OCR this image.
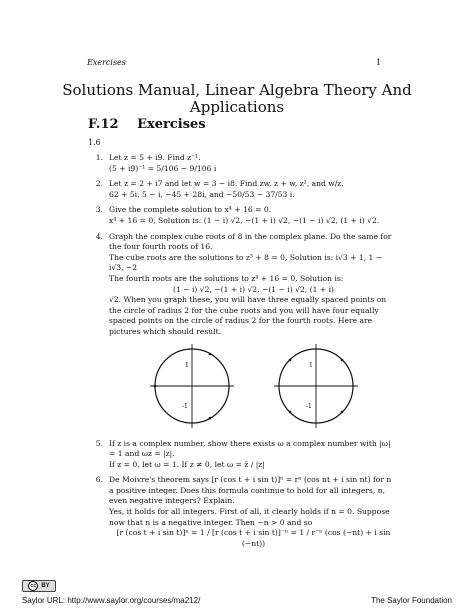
Exercises	1
Solutions Manual, Linear Algebra Theory And Applications
F.12 Exercises
1.6
1. Let z = 5 + i9. Find z⁻¹.

(5 + i9)⁻¹ = 5/106 − 9/106 i

2. Let z = 2 + i7 and let w = 3 − i8. Find zw, z + w, z², and w/z.

62 + 5i, 5 − i, −45 + 28i, and −50/53 − 37/53 i.

3. Give the complete solution to x⁴ + 16 = 0.

x⁴ + 16 = 0, Solution is: (1 − i) √2, −(1 + i) √2, −(1 − i) √2, (1 + i) √2.

4. Graph the complex cube roots of 8 in the complex plane. Do the same for the four fourth roots of 16.

The cube roots are the solutions to z³ + 8 = 0, Solution is: i√3 + 1, 1 − i√3, −2

The fourth roots are the solutions to z⁴ + 16 = 0, Solution is:

(1 − i) √2, −(1 + i) √2, −(1 − i) √2, (1 + i)

√2. When you graph these, you will have three equally spaced points on the circle of radius 2 for the cube roots and you will have four equally spaced points on the circle of radius 2 for the fourth roots. Here are pictures which should result.

1
-1
1
-1
5. If z is a complex number, show there exists ω a complex number with |ω| = 1 and ωz = |z|.

If z = 0, let ω = 1. If z ≠ 0, let ω = z̄ / |z|

6. De Moivre's theorem says [r (cos t + i sin t)]ⁿ = rⁿ (cos nt + i sin nt) for n a positive integer. Does this formula continue to hold for all integers, n, even negative integers? Explain.

Yes, it holds for all integers. First of all, it clearly holds if n = 0. Suppose now that n is a negative integer. Then −n > 0 and so

[r (cos t + i sin t)]ⁿ = 1 / [r (cos t + i sin t)]⁻ⁿ = 1 / r⁻ⁿ (cos (−nt) + i sin (−nt))

cc BY
Saylor URL: http://www.saylor.org/courses/ma212/	The Saylor Foundation
